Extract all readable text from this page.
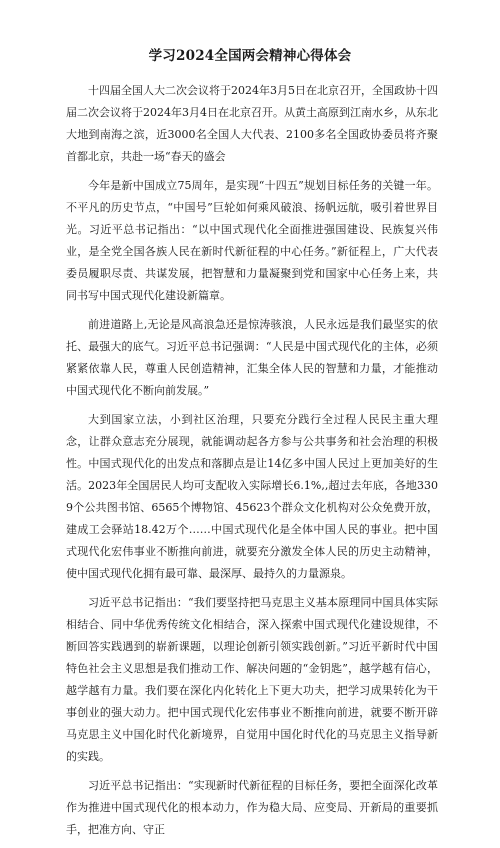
学习2024全国两会精神心得体会

十四届全国人大二次会议将于2024年3月5日在北京召开，全国政协十四届二次会议将于2024年3月4日在北京召开。从黄土高原到江南水乡，从东北大地到南海之滨，近3000名全国人大代表、2100多名全国政协委员将齐聚首都北京，共赴一场“春天的盛会

今年是新中国成立75周年，是实现“十四五”规划目标任务的关键一年。不平凡的历史节点，“中国号”巨轮如何乘风破浪、扬帆远航，吸引着世界目光。习近平总书记指出：“以中国式现代化全面推进强国建设、民族复兴伟业，是全党全国各族人民在新时代新征程的中心任务。”新征程上，广大代表委员履职尽责、共谋发展，把智慧和力量凝聚到党和国家中心任务上来，共同书写中国式现代化建设新篇章。

前进道路上,无论是风高浪急还是惊涛骇浪，人民永远是我们最坚实的依托、最强大的底气。习近平总书记强调：“人民是中国式现代化的主体，必须紧紧依靠人民，尊重人民创造精神，汇集全体人民的智慧和力量，才能推动中国式现代化不断向前发展。”

大到国家立法，小到社区治理，只要充分践行全过程人民民主重大理念，让群众意志充分展现，就能调动起各方参与公共事务和社会治理的积极性。中国式现代化的出发点和落脚点是让14亿多中国人民过上更加美好的生活。2023年全国居民人均可支配收入实际增长6.1%,,超过去年底，各地3309个公共图书馆、6565个博物馆、45623个群众文化机构对公众免费开放，建成工会驿站18.42万个……中国式现代化是全体中国人民的事业。把中国式现代化宏伟事业不断推向前进，就要充分激发全体人民的历史主动精神，使中国式现代化拥有最可靠、最深厚、最持久的力量源泉。

习近平总书记指出：“我们要坚持把马克思主义基本原理同中国具体实际相结合、同中华优秀传统文化相结合，深入探索中国式现代化建设规律，不断回答实践遇到的崭新课题，以理论创新引领实践创新。”习近平新时代中国特色社会主义思想是我们推动工作、解决问题的“金钥匙”，越学越有信心，越学越有力量。我们要在深化内化转化上下更大功夫，把学习成果转化为干事创业的强大动力。把中国式现代化宏伟事业不断推向前进，就要不断开辟马克思主义中国化时代化新境界，自觉用中国化时代化的马克思主义指导新的实践。

习近平总书记指出：“实现新时代新征程的目标任务，要把全面深化改革作为推进中国式现代化的根本动力，作为稳大局、应变局、开新局的重要抓手，把准方向、守正
